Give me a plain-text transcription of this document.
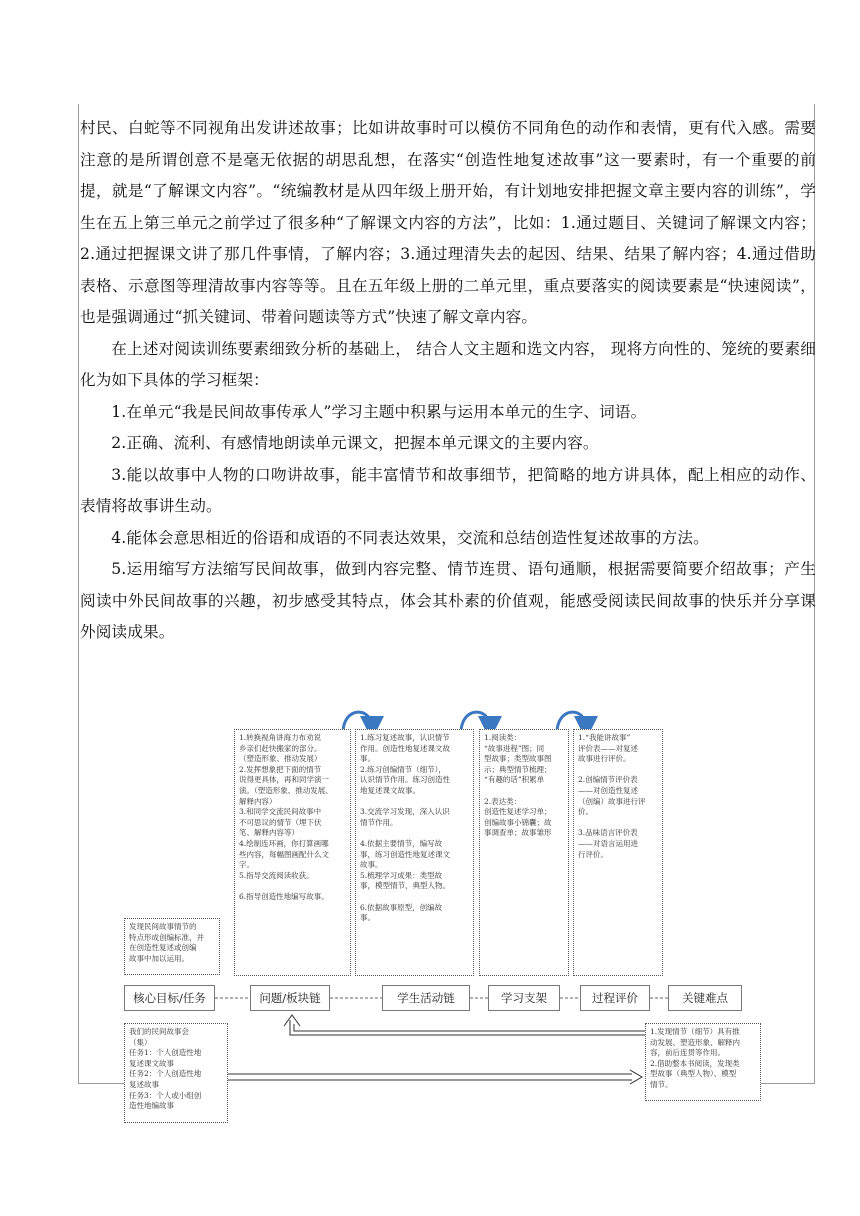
村民、白蛇等不同视角出发讲述故事；比如讲故事时可以模仿不同角色的动作和表情，更有代入感。需要注意的是所谓创意不是毫无依据的胡思乱想，在落实“创造性地复述故事”这一要素时，有一个重要的前提，就是“了解课文内容”。“统编教材是从四年级上册开始，有计划地安排把握文章主要内容的训练”，学生在五上第三单元之前学过了很多种“了解课文内容的方法”，比如：1.通过题目、关键词了解课文内容；2.通过把握课文讲了那几件事情，了解内容；3.通过理清失去的起因、结果、结果了解内容；4.通过借助表格、示意图等理清故事内容等等。且在五年级上册的二单元里，重点要落实的阅读要素是“快速阅读”，也是强调通过“抓关键词、带着问题读等方式”快速了解文章内容。

在上述对阅读训练要素细致分析的基础上， 结合人文主题和选文内容， 现将方向性的、笼统的要素细化为如下具体的学习框架：

1.在单元“我是民间故事传承人”学习主题中积累与运用本单元的生字、词语。

2.正确、流利、有感情地朗读单元课文，把握本单元课文的主要内容。

3.能以故事中人物的口吻讲故事，能丰富情节和故事细节，把简略的地方讲具体，配上相应的动作、表情将故事讲生动。

4.能体会意思相近的俗语和成语的不同表达效果，交流和总结创造性复述故事的方法。

5.运用缩写方法缩写民间故事，做到内容完整、情节连贯、语句通顺，根据需要简要介绍故事；产生阅读中外民间故事的兴趣，初步感受其特点，体会其朴素的价值观，能感受阅读民间故事的快乐并分享课外阅读成果。

发现民间故事情节的
特点形成创编标准，并
在创造性复述或创编
故事中加以运用。
1.转换视角讲海力布劝说
乡亲们赶快搬家的部分。
（塑造形象、推动发展）
2.发挥想象把下面的情节
说得更具体，再和同学演一
演。（塑造形象、推动发展、
解释内容）
3.和同学交流民间故事中
不可思议的情节（埋下伏
笔、解释内容等）
4.绘制连环画，你打算画哪
些内容，每幅图画配什么文
字。
5.指导交流阅读收获。

6.指导创造性地编写故事。
1.练习复述故事，认识情节
作用。创造性地复述课文故
事。
2.练习创编情节（细节），
认识情节作用。练习创造性
地复述课文故事。

3.交流学习发现，深入认识
情节作用。

4.依据主要情节，编写故
事，练习创造性地复述课文
故事。
5.梳理学习成果：类型故
事，模型情节，典型人物。

6.依据故事原型，创编故
事。
1.阅读类：
“故事进程”图；同
型故事；类型故事图
示；典型情节梳理；
“有趣的话”积累单

2.表达类：
创造性复述学习单；
创编故事小锦囊；故
事调查单；故事雏形
1.“我能讲故事”
评价表——对复述
故事进行评价。

2.创编情节评价表
——对创造性复述
（创编）故事进行评
价。

3.品味语言评价表
——对语言运用进
行评价。
核心目标/任务	问题/板块链	学生活动链	学习支架	过程评价	关键难点
我们的民间故事会
（集）
任务1：个人创造性地
复述课文故事
任务2：个人创造性地
复述故事
任务3：个人或小组创
造性地编故事
1.发现情节（细节）具有推
动发展、塑造形象、解释内
容，前后连贯等作用。
2.借助整本书阅读，发现类
型故事（典型人物）、模型
情节。
